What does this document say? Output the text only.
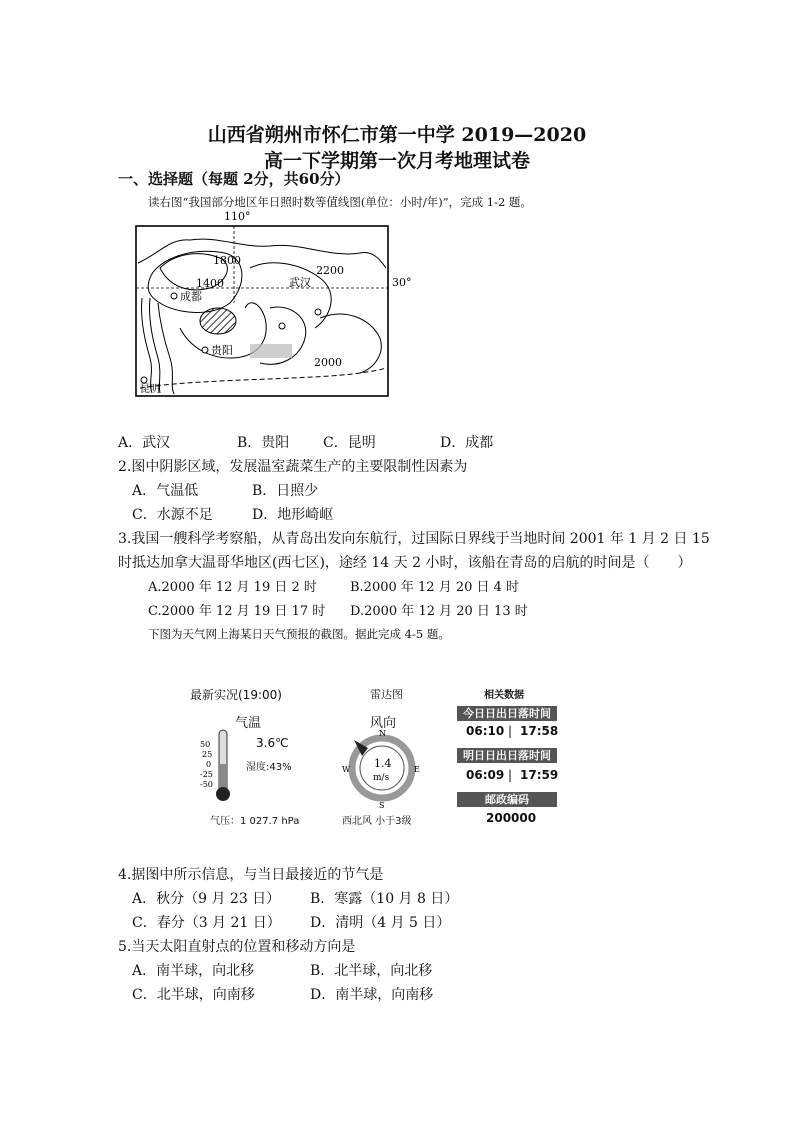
山西省朔州市怀仁市第一中学 2019—2020
高一下学期第一次月考地理试卷
一、选择题（每题 2分，共60分）
读右图“我国部分地区年日照时数等值线图(单位：小时/年)”，完成 1-2 题。
110°
30°
1800
1400
2200
2000
成都
武汉
贵阳
昆明
A．武汉	B．贵阳 C．昆明	D．成都
2.图中阴影区域，发展温室蔬菜生产的主要限制性因素为
A．气温低	B．日照少
C．水源不足	D．地形崎岖
3.我国一艘科学考察船，从青岛出发向东航行，过国际日界线于当地时间 2001 年 1 月 2 日 15
时抵达加拿大温哥华地区(西七区)，途经 14 天 2 小时，该船在青岛的启航的时间是（　　）
A.2000 年 12 月 19 日 2 时	B.2000 年 12 月 20 日 4 时
C.2000 年 12 月 19 日 17 时 D.2000 年 12 月 20 日 13 时
下图为天气网上海某日天气预报的截图。据此完成 4-5 题。
最新实况(19:00)
气温
3.6℃
湿度:43%
50
25
0
-25
-50
气压：1 027.7 hPa
雷达图
风向
N
E
S
W 1.4
m/s
西北风 小于3级
相关数据
今日日出日落时间
06:10 | 17:58
明日日出日落时间
06:09 | 17:59
邮政编码
200000
4.据图中所示信息，与当日最接近的节气是
A．秋分（9 月 23 日） B．寒露（10 月 8 日）
C．春分（3 月 21 日） D．清明（4 月 5 日）
5.当天太阳直射点的位置和移动方向是
A．南半球，向北移	B．北半球，向北移
C．北半球，向南移	D．南半球，向南移
